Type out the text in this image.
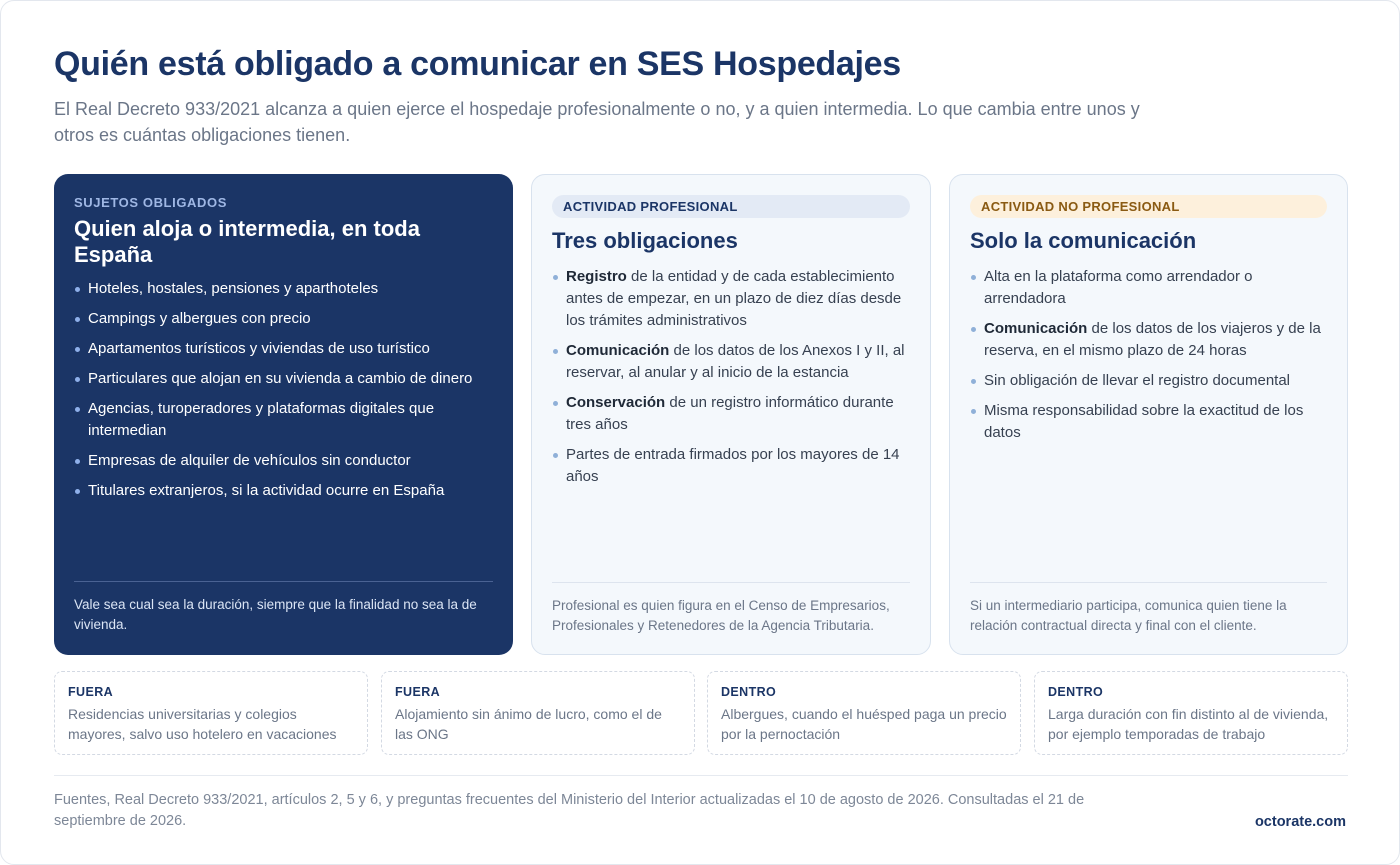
Quién está obligado a comunicar en SES Hospedajes

El Real Decreto 933/2021 alcanza a quien ejerce el hospedaje profesionalmente o no, y a quien intermedia. Lo que cambia entre unos y otros es cuántas obligaciones tienen.

SUJETOS OBLIGADOS
Quien aloja o intermedia, en toda España
Hoteles, hostales, pensiones y aparthoteles
Campings y albergues con precio
Apartamentos turísticos y viviendas de uso turístico
Particulares que alojan en su vivienda a cambio de dinero
Agencias, turoperadores y plataformas digitales que intermedian
Empresas de alquiler de vehículos sin conductor
Titulares extranjeros, si la actividad ocurre en España

Vale sea cual sea la duración, siempre que la finalidad no sea la de vivienda.

ACTIVIDAD PROFESIONAL
Tres obligaciones
Registro de la entidad y de cada establecimiento antes de empezar, en un plazo de diez días desde los trámites administrativos
Comunicación de los datos de los Anexos I y II, al reservar, al anular y al inicio de la estancia
Conservación de un registro informático durante tres años
Partes de entrada firmados por los mayores de 14 años

Profesional es quien figura en el Censo de Empresarios, Profesionales y Retenedores de la Agencia Tributaria.

ACTIVIDAD NO PROFESIONAL
Solo la comunicación
Alta en la plataforma como arrendador o arrendadora
Comunicación de los datos de los viajeros y de la reserva, en el mismo plazo de 24 horas
Sin obligación de llevar el registro documental
Misma responsabilidad sobre la exactitud de los datos

Si un intermediario participa, comunica quien tiene la relación contractual directa y final con el cliente.

FUERA
Residencias universitarias y colegios mayores, salvo uso hotelero en vacaciones
FUERA
Alojamiento sin ánimo de lucro, como el de las ONG
DENTRO
Albergues, cuando el huésped paga un precio por la pernoctación
DENTRO
Larga duración con fin distinto al de vivienda, por ejemplo temporadas de trabajo

Fuentes, Real Decreto 933/2021, artículos 2, 5 y 6, y preguntas frecuentes del Ministerio del Interior actualizadas el 10 de agosto de 2026. Consultadas el 21 de septiembre de 2026.	octorate.com
